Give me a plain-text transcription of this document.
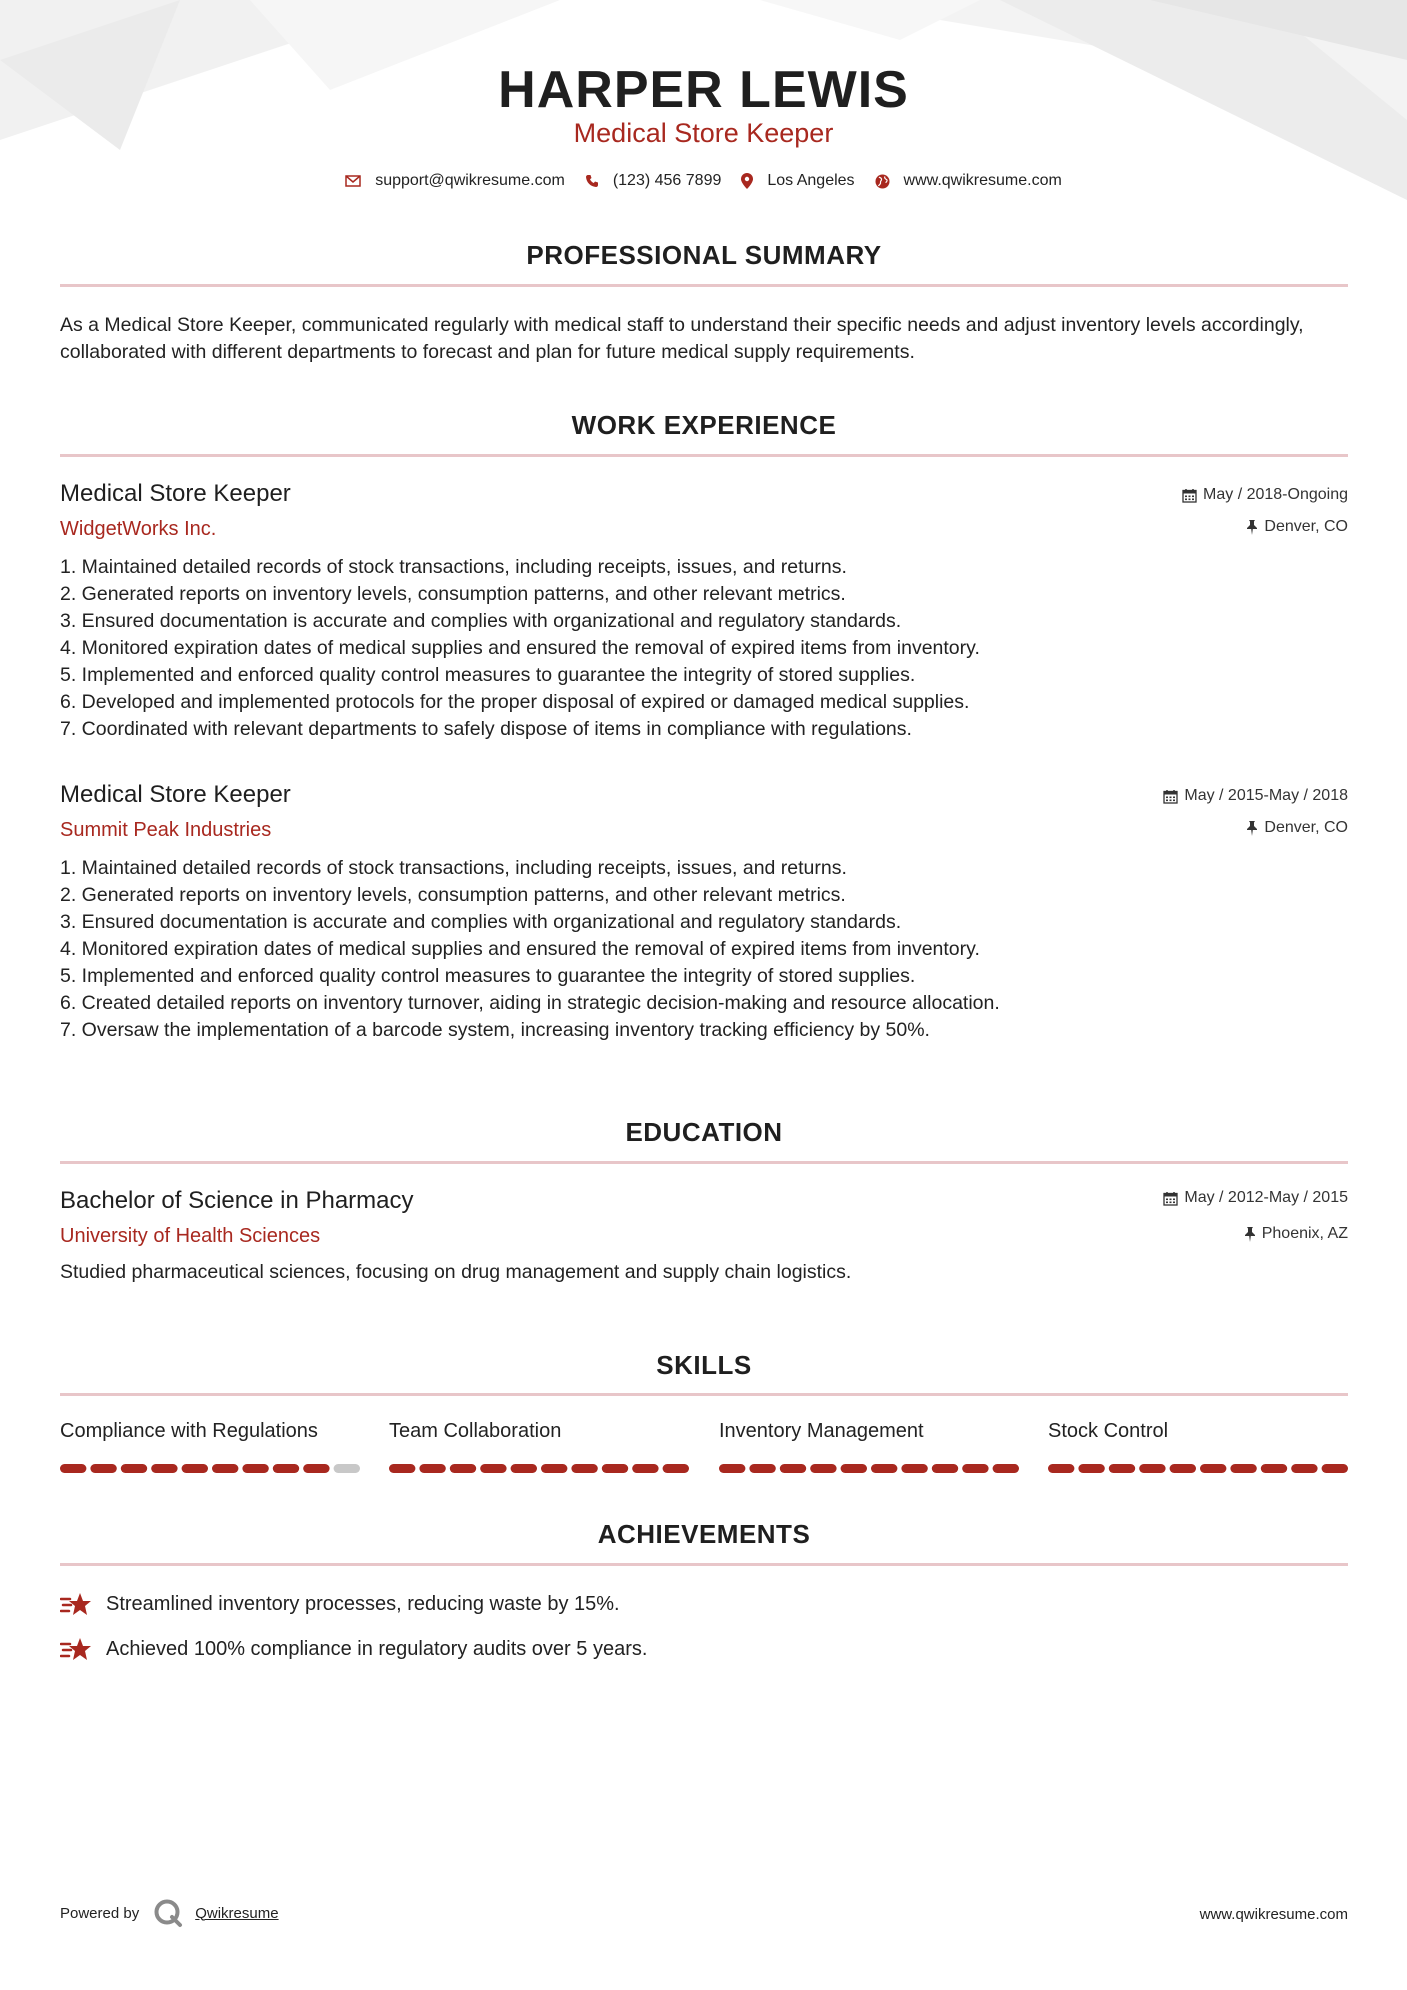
HARPER LEWIS
Medical Store Keeper
support@qwikresume.com	(123) 456 7899	Los Angeles	www.qwikresume.com
PROFESSIONAL SUMMARY
As a Medical Store Keeper, communicated regularly with medical staff to understand their specific needs and adjust inventory levels accordingly, collaborated with different departments to forecast and plan for future medical supply requirements.
WORK EXPERIENCE
Medical Store Keeper
WidgetWorks Inc.
May / 2018-Ongoing
Denver, CO
1. Maintained detailed records of stock transactions, including receipts, issues, and returns.
2. Generated reports on inventory levels, consumption patterns, and other relevant metrics.
3. Ensured documentation is accurate and complies with organizational and regulatory standards.
4. Monitored expiration dates of medical supplies and ensured the removal of expired items from inventory.
5. Implemented and enforced quality control measures to guarantee the integrity of stored supplies.
6. Developed and implemented protocols for the proper disposal of expired or damaged medical supplies.
7. Coordinated with relevant departments to safely dispose of items in compliance with regulations.
Medical Store Keeper
Summit Peak Industries
May / 2015-May / 2018
Denver, CO
1. Maintained detailed records of stock transactions, including receipts, issues, and returns.
2. Generated reports on inventory levels, consumption patterns, and other relevant metrics.
3. Ensured documentation is accurate and complies with organizational and regulatory standards.
4. Monitored expiration dates of medical supplies and ensured the removal of expired items from inventory.
5. Implemented and enforced quality control measures to guarantee the integrity of stored supplies.
6. Created detailed reports on inventory turnover, aiding in strategic decision-making and resource allocation.
7. Oversaw the implementation of a barcode system, increasing inventory tracking efficiency by 50%.
EDUCATION
Bachelor of Science in Pharmacy
University of Health Sciences
May / 2012-May / 2015
Phoenix, AZ
Studied pharmaceutical sciences, focusing on drug management and supply chain logistics.
SKILLS
Compliance with Regulations	Team Collaboration	Inventory Management	Stock Control
ACHIEVEMENTS
Streamlined inventory processes, reducing waste by 15%.
Achieved 100% compliance in regulatory audits over 5 years.
Powered by	Qwikresume	www.qwikresume.com
